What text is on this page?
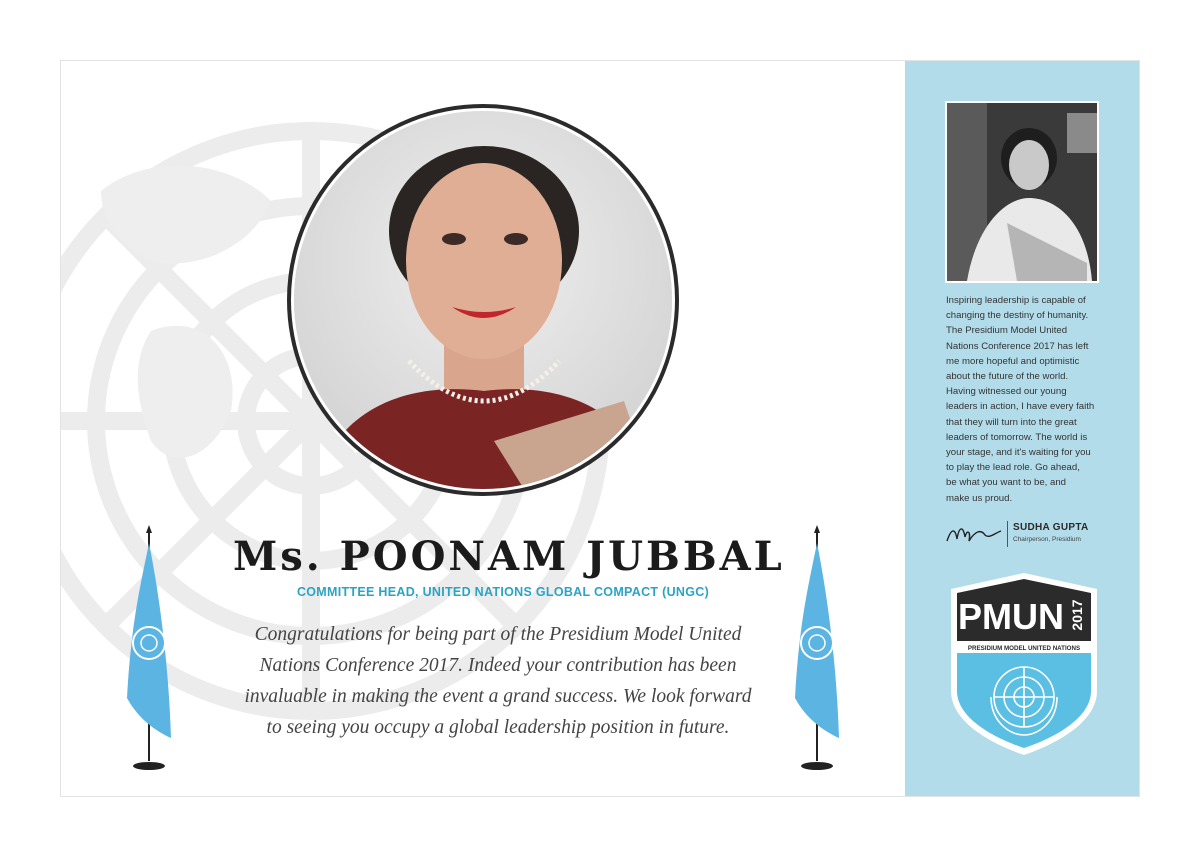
Ms. POONAM JUBBAL
COMMITTEE HEAD, UNITED NATIONS GLOBAL COMPACT (UNGC)
Congratulations for being part of the Presidium Model United
Nations Conference 2017. Indeed your contribution has been
invaluable in making the event a grand success. We look forward
to seeing you occupy a global leadership position in future.
Inspiring leadership is capable of
changing the destiny of humanity.
The Presidium Model United
Nations Conference 2017 has left
me more hopeful and optimistic
about the future of the world.
Having witnessed our young
leaders in action, I have every faith
that they will turn into the great
leaders of tomorrow. The world is
your stage, and it's waiting for you
to play the lead role. Go ahead,
be what you want to be, and
make us proud.
SUDHA GUPTA
Chairperson, Presidium
PMUN 2017
PRESIDIUM MODEL UNITED NATIONS
